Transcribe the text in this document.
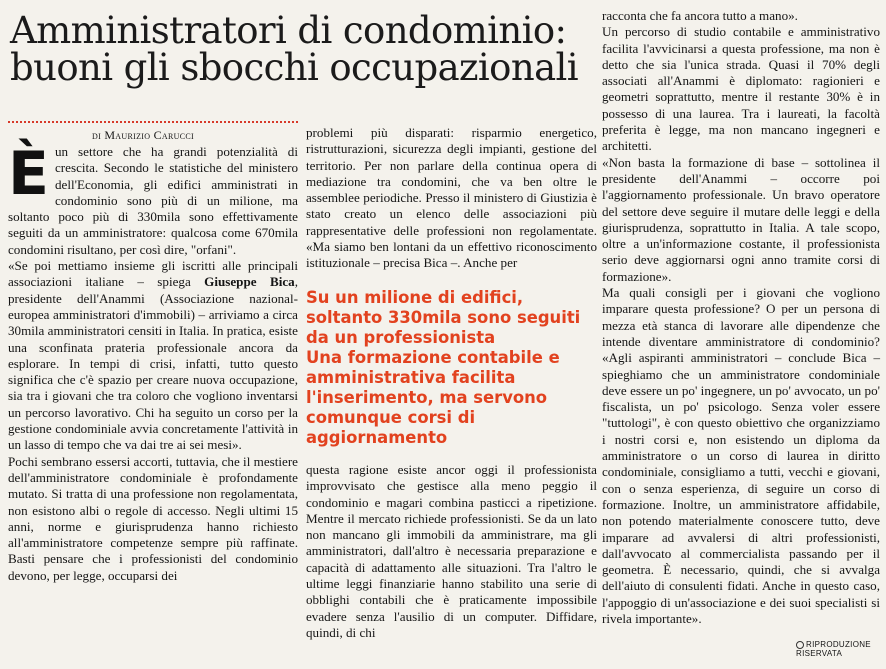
Amministratori di condominio: buoni gli sbocchi occupazionali
di Maurizio Carucci

È un settore che ha grandi potenzialità di crescita. Secondo le statistiche del ministero dell'Economia, gli edifici amministrati in condominio sono più di un milione, ma soltanto poco più di 330mila sono effettivamente seguiti da un amministratore: qualcosa come 670mila condomini risultano, per così dire, "orfani".

«Se poi mettiamo insieme gli iscritti alle principali associazioni italiane – spiega Giuseppe Bica, presidente dell'Anammi (Associazione nazional-europea amministratori d'immobili) – arriviamo a circa 30mila amministratori censiti in Italia. In pratica, esiste una sconfinata prateria professionale ancora da esplorare. In tempi di crisi, infatti, tutto questo significa che c'è spazio per creare nuova occupazione, sia tra i giovani che tra coloro che vogliono inventarsi un percorso lavorativo. Chi ha seguito un corso per la gestione condominiale avvia concretamente l'attività in un lasso di tempo che va dai tre ai sei mesi».

Pochi sembrano essersi accorti, tuttavia, che il mestiere dell'amministratore condominiale è profondamente mutato. Si tratta di una professione non regolamentata, non esistono albi o regole di accesso. Negli ultimi 15 anni, norme e giurisprudenza hanno richiesto all'amministratore competenze sempre più raffinate. Basti pensare che i professionisti del condominio devono, per legge, occuparsi dei

problemi più disparati: risparmio energetico, ristrutturazioni, sicurezza degli impianti, gestione del territorio. Per non parlare della continua opera di mediazione tra condomini, che va ben oltre le assemblee periodiche. Presso il ministero di Giustizia è stato creato un elenco delle associazioni più rappresentative delle professioni non regolamentate. «Ma siamo ben lontani da un effettivo riconoscimento istituzionale – precisa Bica –. Anche per

Su un milione di edifici, soltanto 330mila sono seguiti da un professionista
Una formazione contabile e amministrativa facilita l'inserimento, ma servono comunque corsi di aggiornamento

questa ragione esiste ancor oggi il professionista improvvisato che gestisce alla meno peggio il condominio e magari combina pasticci a ripetizione. Mentre il mercato richiede professionisti. Se da un lato non mancano gli immobili da amministrare, ma gli amministratori, dall'altro è necessaria preparazione e capacità di adattamento alle situazioni. Tra l'altro le ultime leggi finanziarie hanno stabilito una serie di obblighi contabili che è praticamente impossibile evadere senza l'ausilio di un computer. Diffidare, quindi, di chi

racconta che fa ancora tutto a mano».

Un percorso di studio contabile e amministrativo facilita l'avvicinarsi a questa professione, ma non è detto che sia l'unica strada. Quasi il 70% degli associati all'Anammi è diplomato: ragionieri e geometri soprattutto, mentre il restante 30% è in possesso di una laurea. Tra i laureati, la facoltà preferita è legge, ma non mancano ingegneri e architetti.

«Non basta la formazione di base – sottolinea il presidente dell'Anammi – occorre poi l'aggiornamento professionale. Un bravo operatore del settore deve seguire il mutare delle leggi e della giurisprudenza, soprattutto in Italia. A tale scopo, oltre a un'informazione costante, il professionista serio deve aggiornarsi ogni anno tramite corsi di formazione».

Ma quali consigli per i giovani che vogliono imparare questa professione? O per un persona di mezza età stanca di lavorare alle dipendenze che intende diventare amministratore di condominio? «Agli aspiranti amministratori – conclude Bica – spieghiamo che un amministratore condominiale deve essere un po' ingegnere, un po' avvocato, un po' fiscalista, un po' psicologo. Senza voler essere "tuttologi", è con questo obiettivo che organizziamo i nostri corsi e, non esistendo un diploma da amministratore o un corso di laurea in diritto condominiale, consigliamo a tutti, vecchi e giovani, con o senza esperienza, di seguire un corso di formazione. Inoltre, un amministratore affidabile, non potendo materialmente conoscere tutto, deve imparare ad avvalersi di altri professionisti, dall'avvocato al commercialista passando per il geometra. È necessario, quindi, che si avvalga dell'aiuto di consulenti fidati. Anche in questo caso, l'appoggio di un'associazione e dei suoi specialisti si rivela importante».

RIPRODUZIONE RISERVATA
